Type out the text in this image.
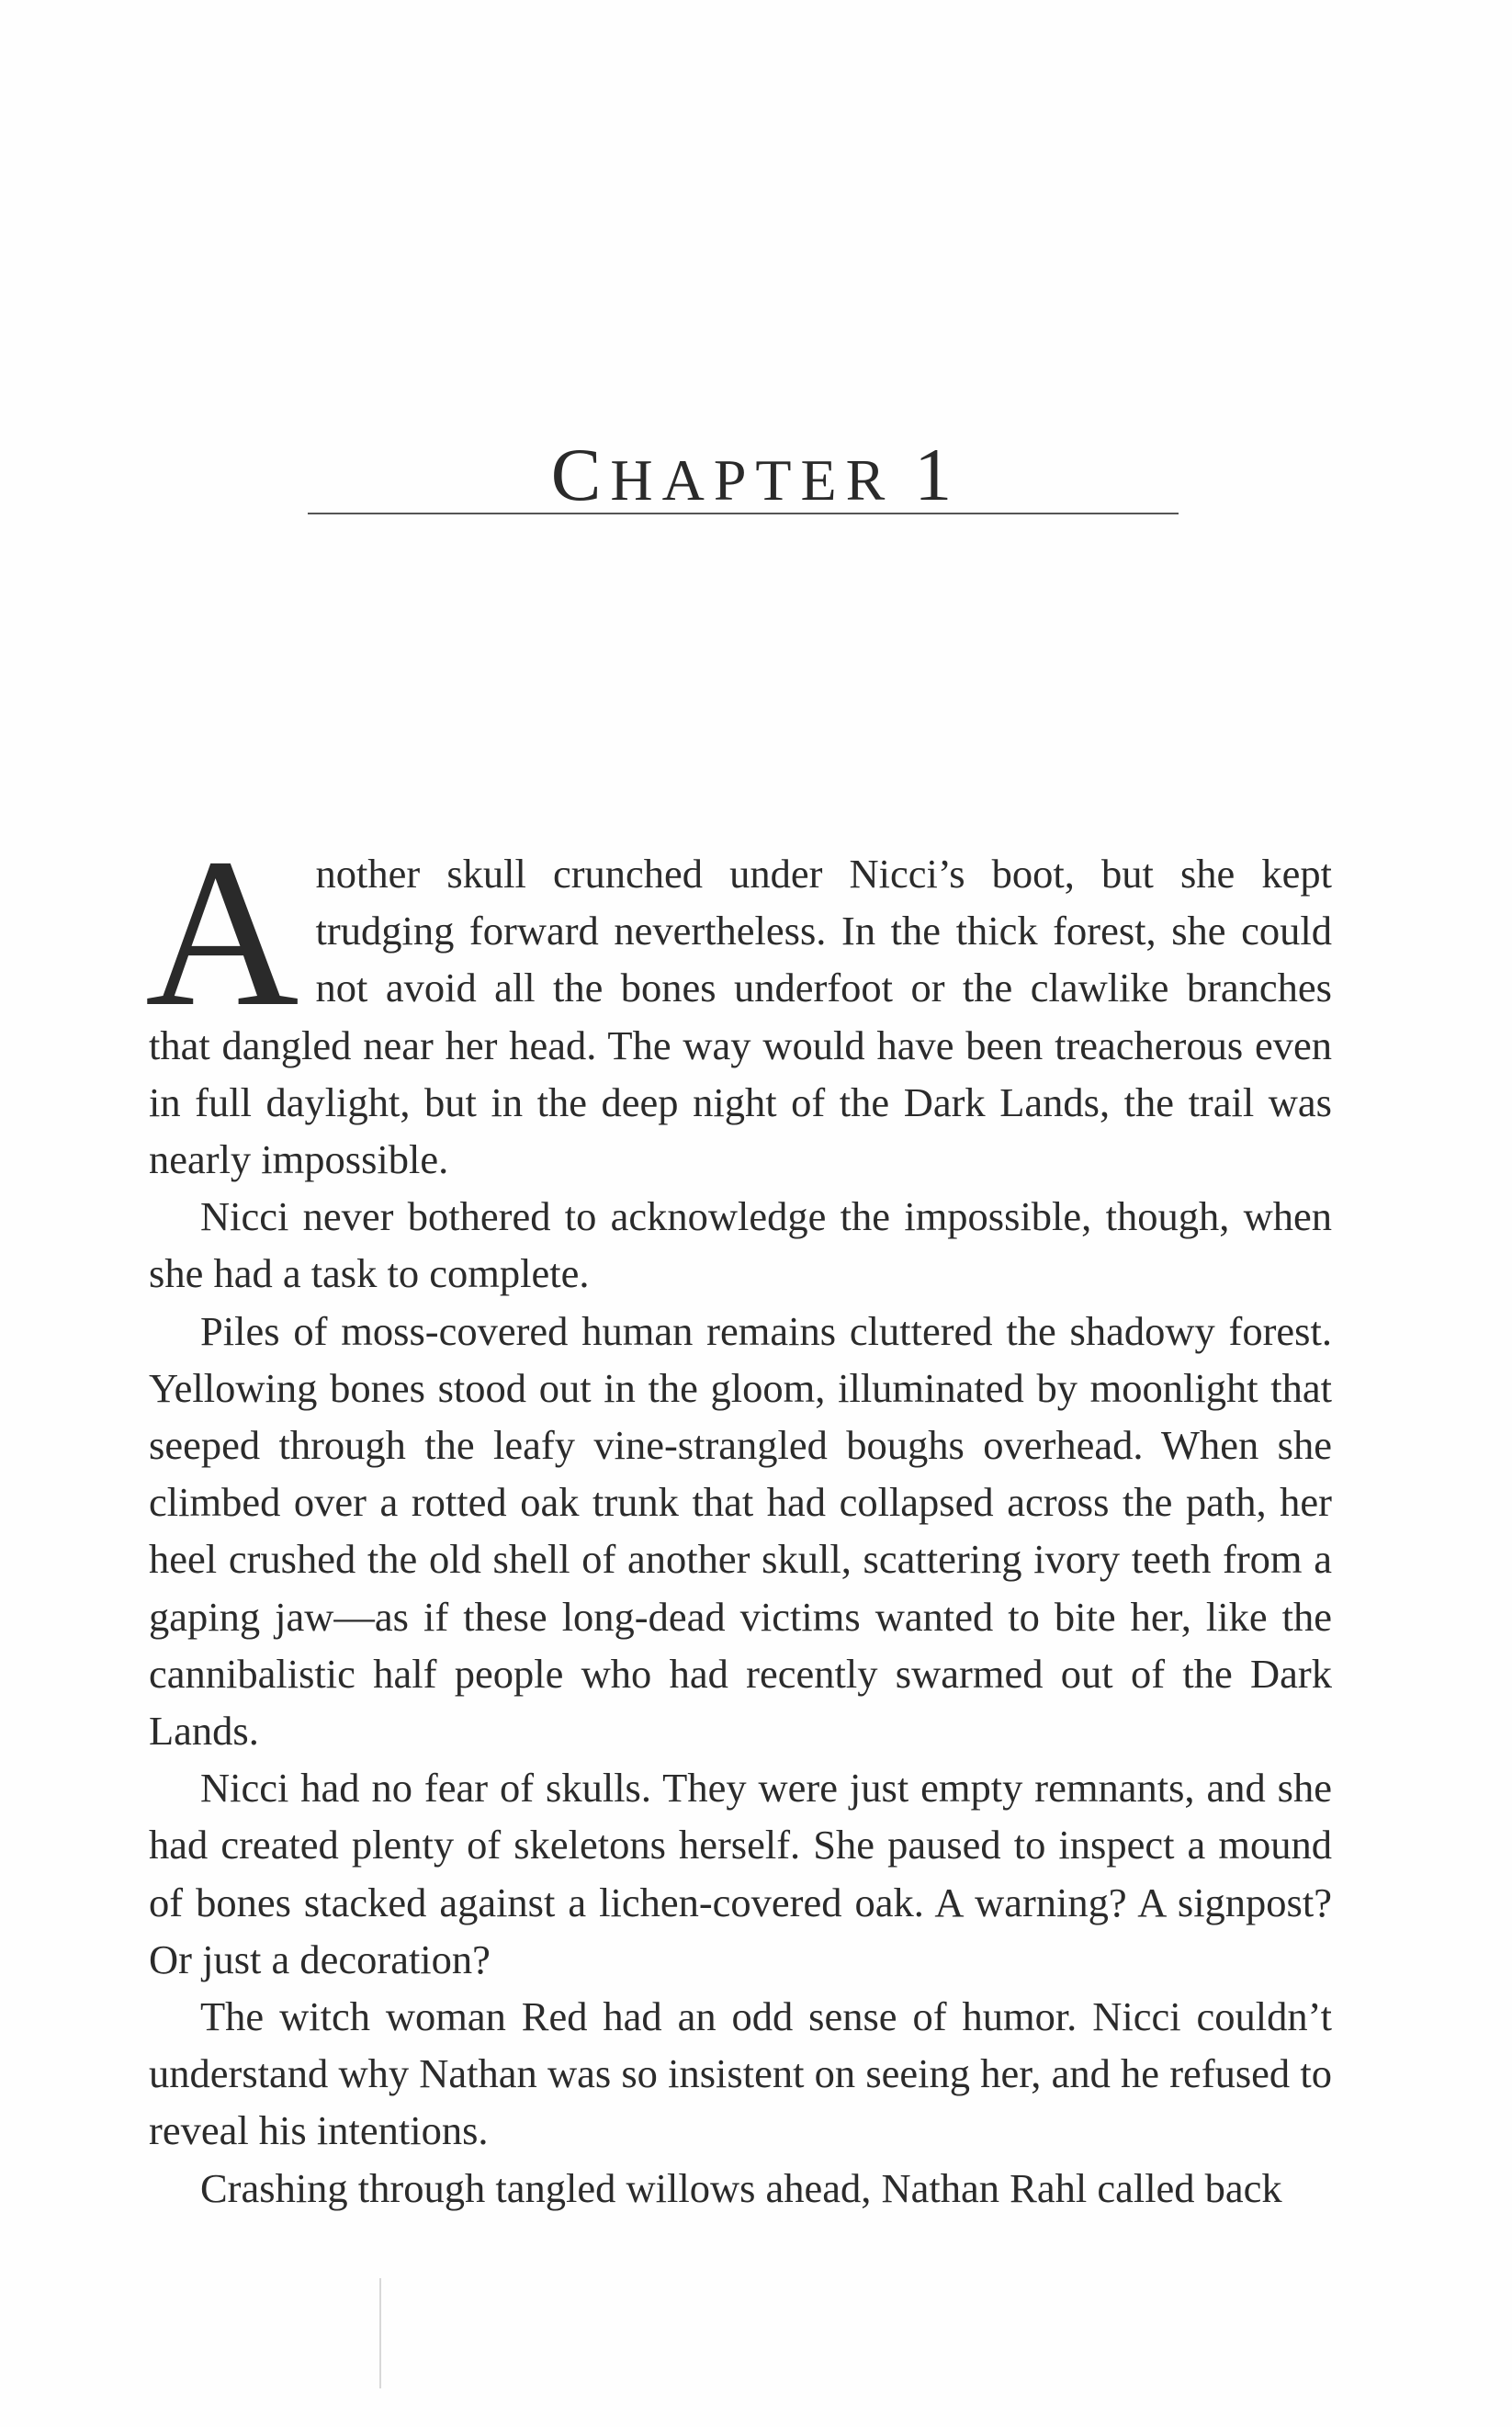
CHAPTER 1

Another skull crunched under Nicci’s boot, but she kept trudging forward nevertheless. In the thick forest, she could not avoid all the bones underfoot or the clawlike branches that dangled near her head. The way would have been treacherous even in full daylight, but in the deep night of the Dark Lands, the trail was nearly impossible.

Nicci never bothered to acknowledge the impossible, though, when she had a task to complete.

Piles of moss-covered human remains cluttered the shadowy forest. Yellowing bones stood out in the gloom, illuminated by moonlight that seeped through the leafy vine-strangled boughs overhead. When she climbed over a rotted oak trunk that had collapsed across the path, her heel crushed the old shell of another skull, scattering ivory teeth from a gaping jaw—as if these long-dead victims wanted to bite her, like the cannibalistic half people who had recently swarmed out of the Dark Lands.

Nicci had no fear of skulls. They were just empty remnants, and she had created plenty of skeletons herself. She paused to inspect a mound of bones stacked against a lichen-covered oak. A warning? A signpost? Or just a decoration?

The witch woman Red had an odd sense of humor. Nicci couldn’t understand why Nathan was so insistent on seeing her, and he refused to reveal his intentions.

Crashing through tangled willows ahead, Nathan Rahl called back
